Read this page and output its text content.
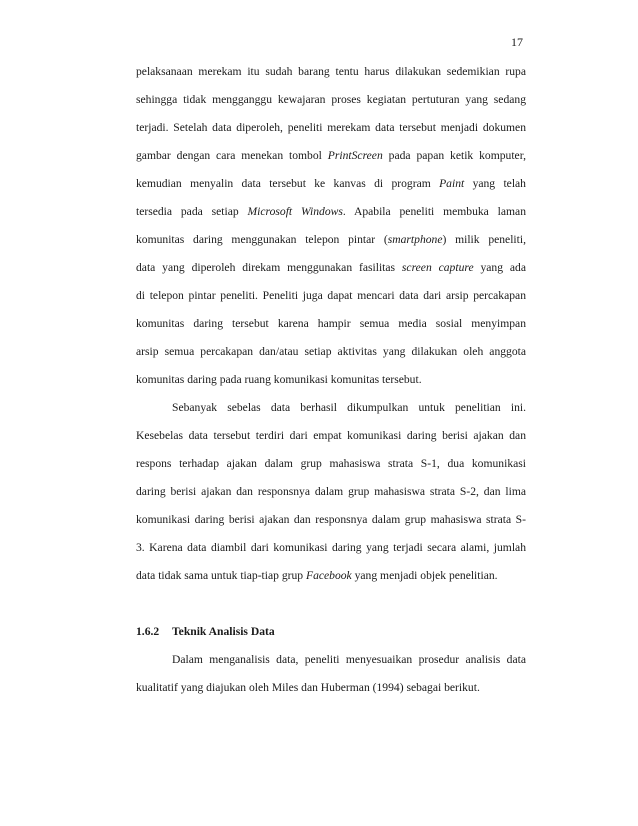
17
pelaksanaan merekam itu sudah barang tentu harus dilakukan sedemikian rupa
sehingga tidak mengganggu kewajaran proses kegiatan pertuturan yang sedang
terjadi. Setelah data diperoleh, peneliti merekam data tersebut menjadi dokumen
gambar dengan cara menekan tombol PrintScreen pada papan ketik komputer,
kemudian menyalin data tersebut ke kanvas di program Paint yang telah
tersedia pada setiap Microsoft Windows. Apabila peneliti membuka laman
komunitas daring menggunakan telepon pintar (smartphone) milik peneliti,
data yang diperoleh direkam menggunakan fasilitas screen capture yang ada
di telepon pintar peneliti. Peneliti juga dapat mencari data dari arsip percakapan
komunitas daring tersebut karena hampir semua media sosial menyimpan
arsip semua percakapan dan/atau setiap aktivitas yang dilakukan oleh anggota
komunitas daring pada ruang komunikasi komunitas tersebut.
Sebanyak sebelas data berhasil dikumpulkan untuk penelitian ini.
Kesebelas data tersebut terdiri dari empat komunikasi daring berisi ajakan dan
respons terhadap ajakan dalam grup mahasiswa strata S-1, dua komunikasi
daring berisi ajakan dan responsnya dalam grup mahasiswa strata S-2, dan lima
komunikasi daring berisi ajakan dan responsnya dalam grup mahasiswa strata S-
3. Karena data diambil dari komunikasi daring yang terjadi secara alami, jumlah
data tidak sama untuk tiap-tiap grup Facebook yang menjadi objek penelitian.
1.6.2 Teknik Analisis Data
Dalam menganalisis data, peneliti menyesuaikan prosedur analisis data
kualitatif yang diajukan oleh Miles dan Huberman (1994) sebagai berikut.
